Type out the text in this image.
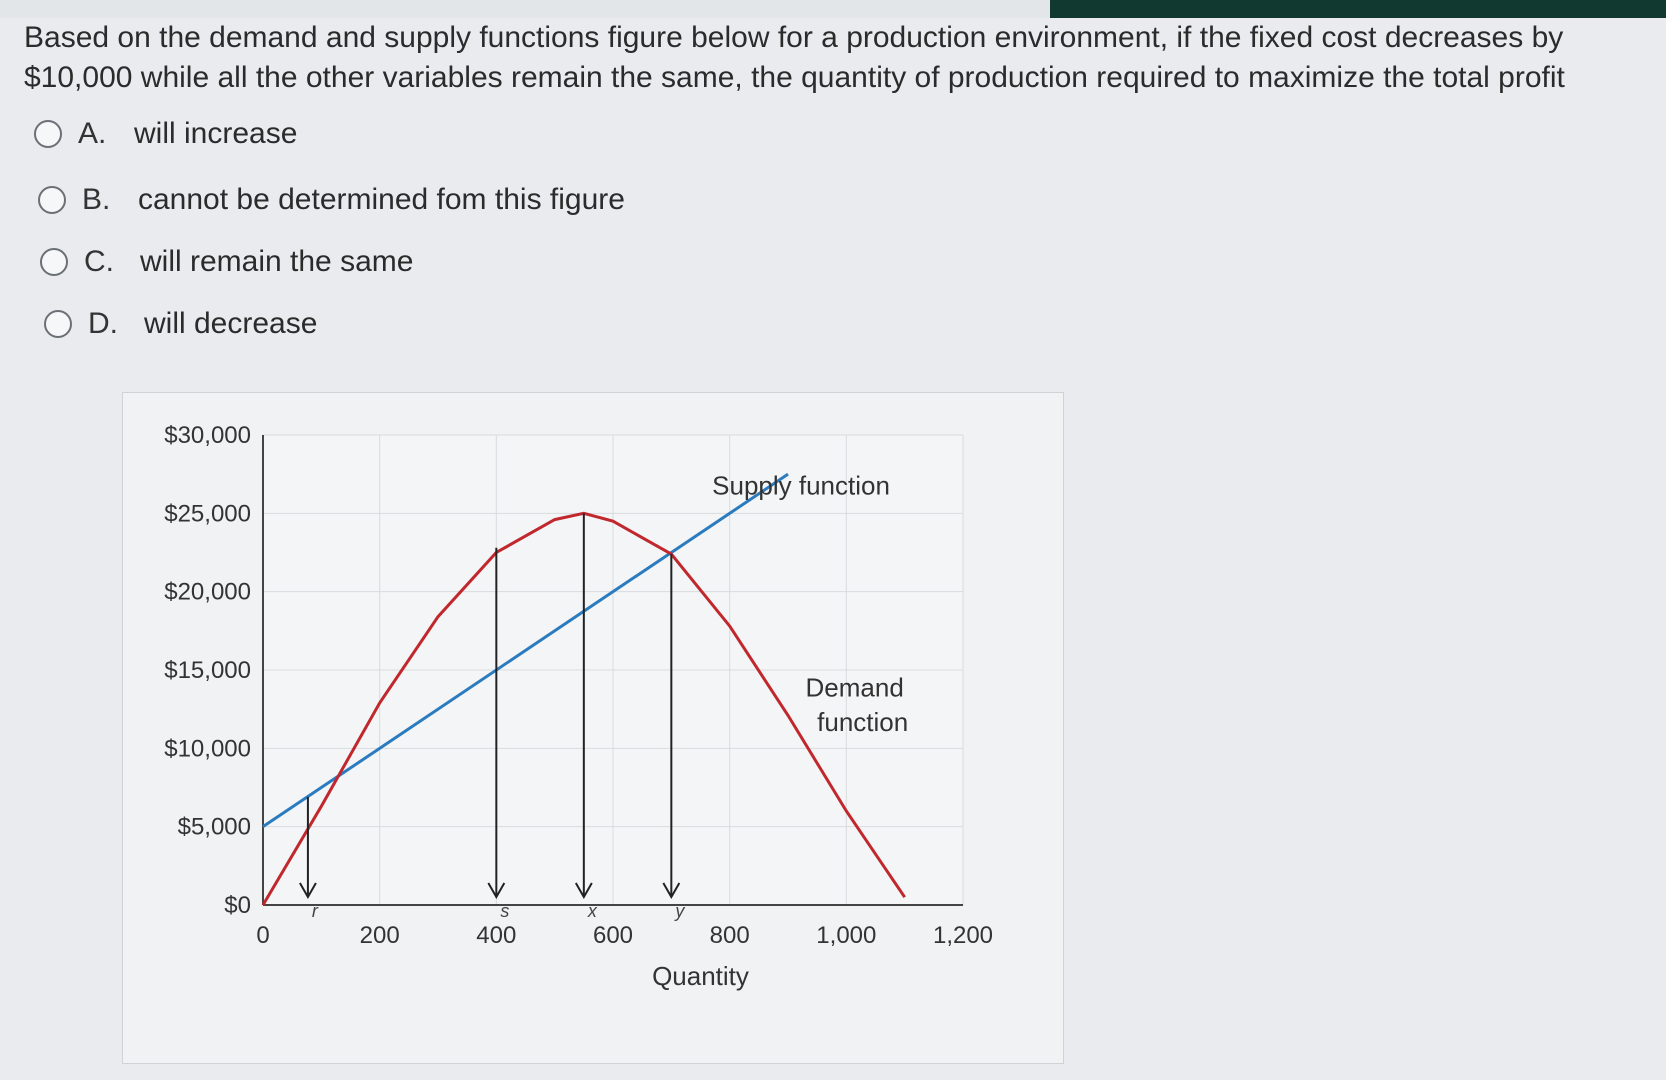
Based on the demand and supply functions figure below for a production environment, if the fixed cost decreases by $10,000 while all the other variables remain the same, the quantity of production required to maximize the total profit

A. will increase
B. cannot be determined fom this figure
C. will remain the same
D. will decrease
$0
$5,000
$10,000
$15,000
$20,000
$25,000
$30,000
0	200	400	600	800	1,000 1,200
Quantity
Supply function
Demand
function
r	s	x	y
